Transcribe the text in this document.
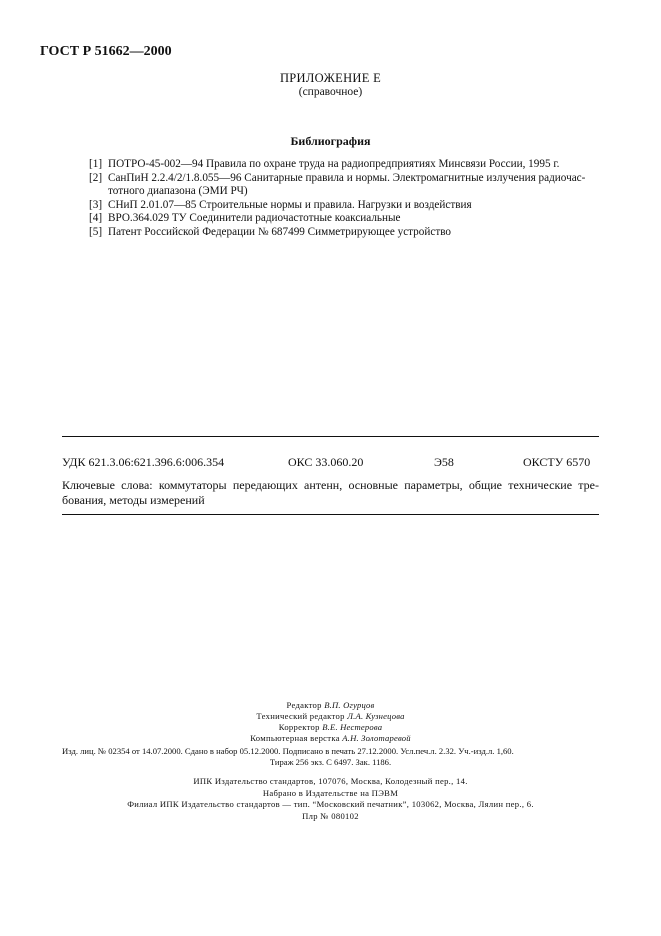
ГОСТ Р 51662—2000
ПРИЛОЖЕНИЕ Е
(справочное)
Библиография
[1] ПОТРО-45-002—94 Правила по охране труда на радиопредприятиях Минсвязи России, 1995 г.
[2] СанПиН 2.2.4/2/1.8.055—96 Санитарные правила и нормы. Электромагнитные излучения радиочастотного диапазона (ЭМИ РЧ)
[3] СНиП 2.01.07—85 Строительные нормы и правила. Нагрузки и воздействия
[4] ВРО.364.029 ТУ Соединители радиочастотные коаксиальные
[5] Патент Российской Федерации № 687499 Симметрирующее устройство
УДК 621.3.06:621.396.6:006.354	ОКС 33.060.20	Э58	ОКСТУ 6570
Ключевые слова: коммутаторы передающих антенн, основные параметры, общие технические требования, методы измерений
Редактор В.П. Огурцов
Технический редактор Л.А. Кузнецова
Корректор В.Е. Нестерова
Компьютерная верстка А.Н. Золотаревой
Изд. лиц. № 02354 от 14.07.2000. Сдано в набор 05.12.2000. Подписано в печать 27.12.2000. Усл.печ.л. 2.32. Уч.-изд.л. 1,60.
Тираж 256 экз. С 6497. Зак. 1186.
ИПК Издательство стандартов, 107076, Москва, Колодезный пер., 14.
Набрано в Издательстве на ПЭВМ
Филиал ИПК Издательство стандартов — тип. “Московский печатник”, 103062, Москва, Лялин пер., 6.
Плр № 080102
